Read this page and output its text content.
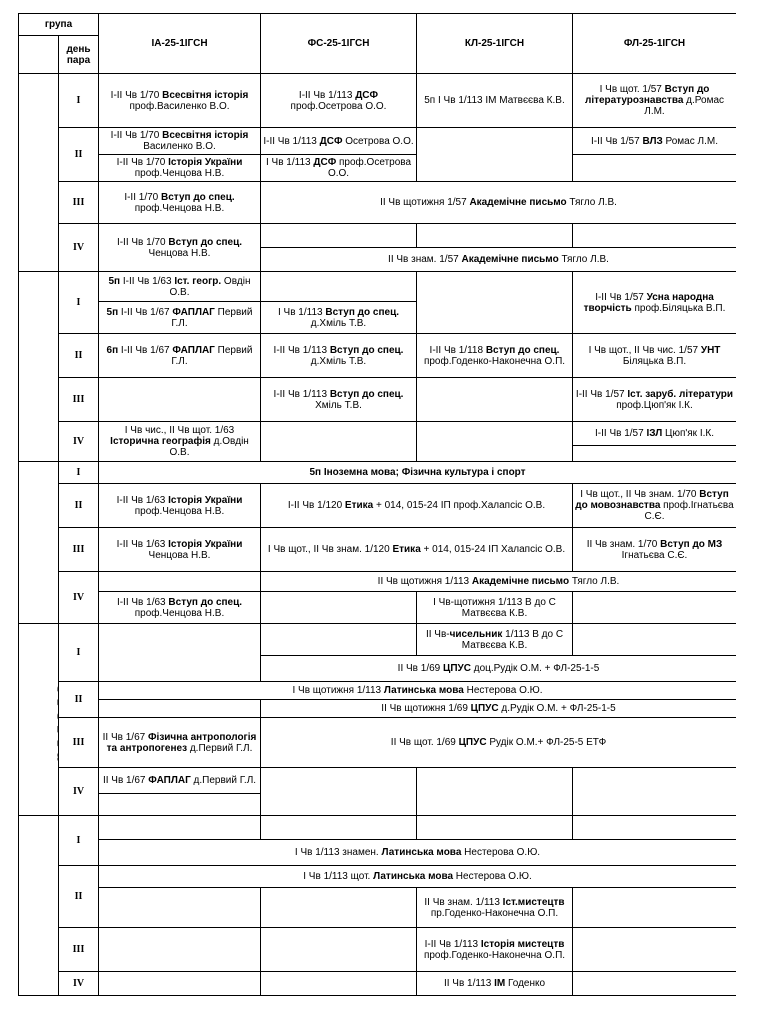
група		ІА-25-1ІГСН	ФС-25-1ІГСН	КЛ-25-1ІГСН	ФЛ-25-1ІГСН
	день пара				
	I	І-ІІ Чв 1/70 Всесвітня історія проф.Василенко В.О.	І-ІІ Чв 1/113 ДСФ проф.Осетрова О.О.	5п І Чв 1/113 ІМ Матвєєва К.В.	І Чв щот. 1/57 Вступ до літературознавства д.Ромас Л.М.
	II	І-ІІ Чв 1/70 Всесвітня історія Василенко В.О.	І-ІІ Чв 1/113 ДСФ Осетрова О.О.		І-ІІ Чв 1/57 ВЛЗ Ромас Л.М.
		І-ІІ Чв 1/70 Історія України проф.Ченцова Н.В.	І Чв 1/113 ДСФ проф.Осетрова О.О.		
	III	І-ІІ 1/70 Вступ до спец. проф.Ченцова Н.В.	ІІ Чв щотижня 1/57 Академічне письмо Тягло Л.В.		
	IV	І-ІІ Чв 1/70 Вступ до спец. Ченцова Н.В.			
			ІІ Чв знам. 1/57 Академічне письмо Тягло Л.В.		
	I	5п І-ІІ Чв 1/63 Іст. геогр. Овдін О.В.			І-ІІ Чв 1/57 Усна народна творчість проф.Біляцька В.П.
		5п І-ІІ Чв 1/67 ФАПЛАГ Первий Г.Л.	І Чв 1/113 Вступ до спец. д.Хміль Т.В.		
	II	6п І-ІІ Чв 1/67 ФАПЛАГ Первий Г.Л.	І-ІІ Чв 1/113 Вступ до спец. д.Хміль Т.В.	І-ІІ Чв 1/118 Вступ до спец. проф.Годенко-Наконечна О.П.	І Чв щот., ІІ Чв чис. 1/57 УНТ Біляцька В.П.
	III		І-ІІ Чв 1/113 Вступ до спец. Хміль Т.В.		І-ІІ Чв 1/57 Іст. заруб. літератури проф.Цюп'як І.К.
	IV	І Чв чис., ІІ Чв щот. 1/63 Історична географія д.Овдін О.В.			І-ІІ Чв 1/57 ІЗЛ Цюп'як І.К.

	I	5п Іноземна мова; Фізична культура і спорт			
	II	І-ІІ Чв 1/63 Історія України проф.Ченцова Н.В.	І-ІІ Чв 1/120 Етика + 014, 015-24 ІП проф.Халапсіс О.В.		І Чв щот., ІІ Чв знам. 1/70 Вступ до мовознавства проф.Ігнатьєва С.Є.
	III	І-ІІ Чв 1/63 Історія України Ченцова Н.В.	І Чв щот., ІІ Чв знам. 1/120 Етика + 014, 015-24 ІП Халапсіс О.В.		ІІ Чв знам. 1/70 Вступ до МЗ Ігнатьєва С.Є.
	IV		ІІ Чв щотижня 1/113 Академічне письмо Тягло Л.В.		
		І-ІІ Чв 1/63 Вступ до спец. проф.Ченцова Н.В.		І Чв-щотижня 1/113 В до С Матвєєва К.В.	
	I			ІІ Чв-чисельник 1/113 В до С Матвєєва К.В.	
			ІІ Чв 1/69 ЦПУС доц.Рудік О.М. + ФЛ-25-1-5		
	II	І Чв щотижня 1/113 Латинська мова Нестерова О.Ю.			
			ІІ Чв щотижня 1/69 ЦПУС д.Рудік О.М. + ФЛ-25-1-5		
	III	ІІ Чв 1/67 Фізична антропологія та антропогенез д.Первий Г.Л.	ІІ Чв щот. 1/69 ЦПУС Рудік О.М.+ ФЛ-25-5 ЕТФ		
	IV	ІІ Чв 1/67 ФАПЛАГ д.Первий Г.Л.			

	I				
		І Чв 1/113 знамен. Латинська мова Нестерова О.Ю.			
	II	І Чв 1/113 щот. Латинська мова Нестерова О.Ю.			
				ІІ Чв знам. 1/113 Іст.мистецтв пр.Годенко-Наконечна О.П.	
	III			І-ІІ Чв 1/113 Історія мистецтв проф.Годенко-Наконечна О.П.	
	IV			ІІ Чв 1/113 ІМ Годенко	
